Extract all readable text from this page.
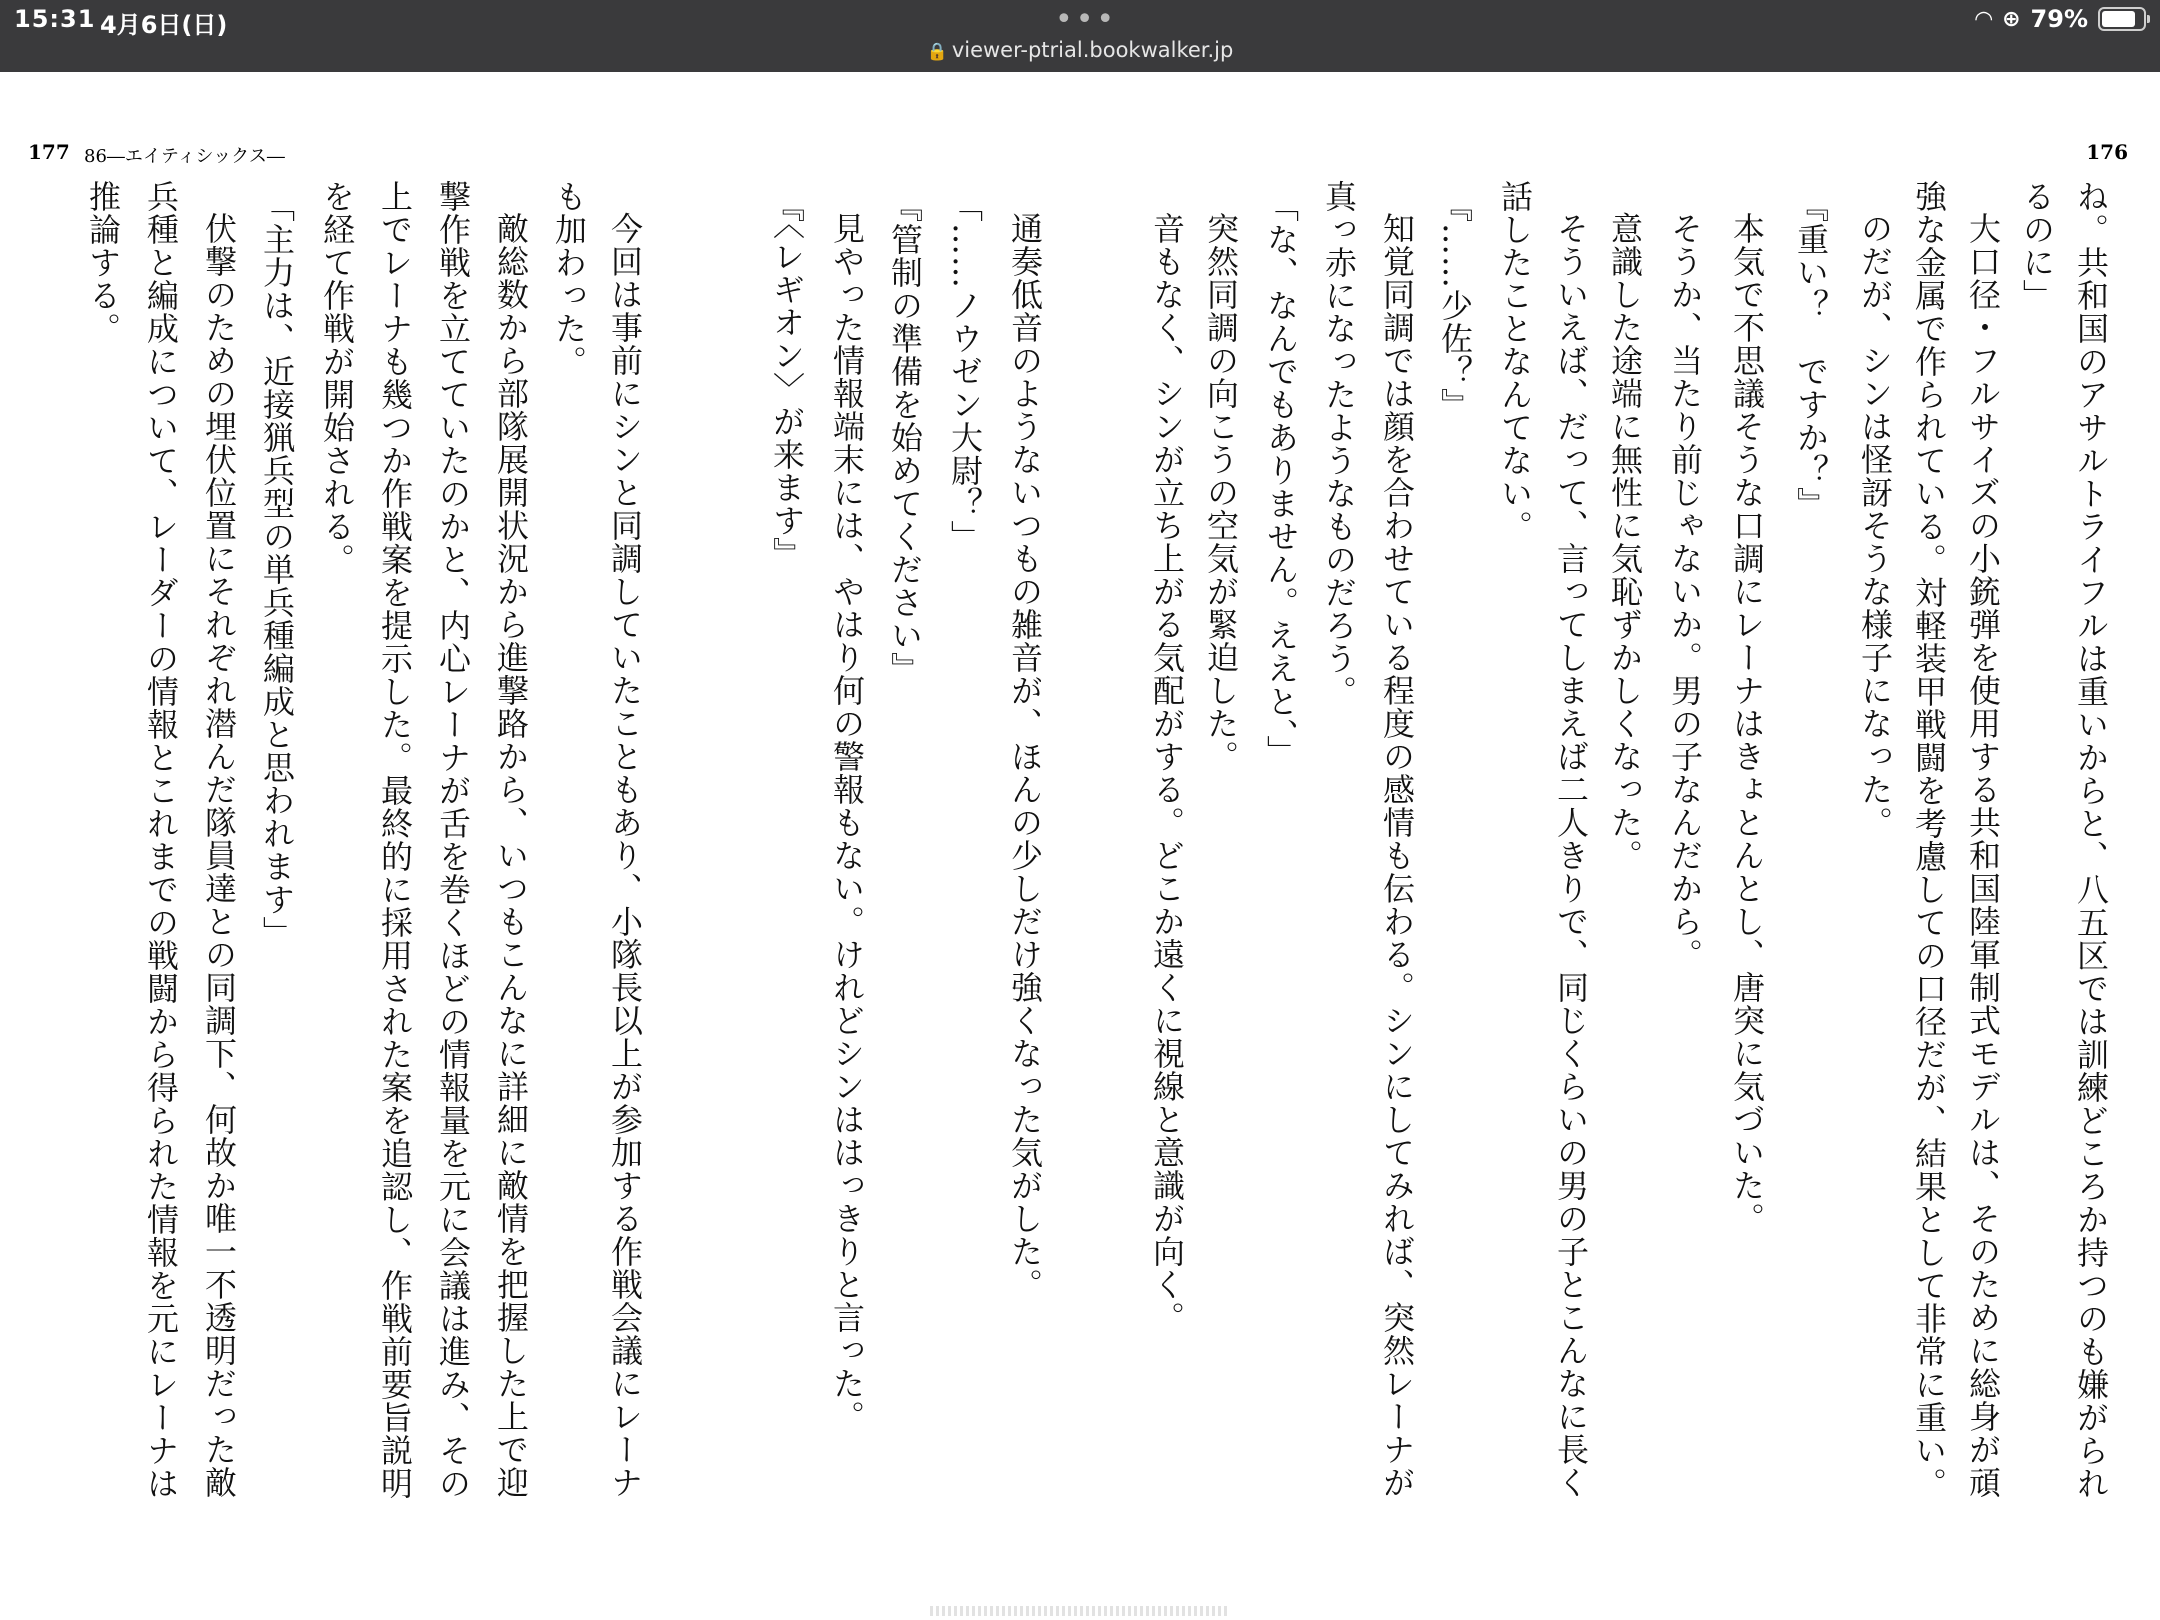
15:31 4月6日(日)	•••
🔒 viewer-ptrial.bookwalker.jp
◠ ⊕ 79%
177 86―エイティシックス―	176
ね。共和国のアサルトライフルは重いからと、八五区では訓練どころか持つのも嫌がられ
るのに」
大口径・フルサイズの小銃弾を使用する共和国陸軍制式モデルは、そのために総身が頑
強な金属で作られている。対軽装甲戦闘を考慮しての口径だが、結果として非常に重い。
のだが、シンは怪訝そうな様子になった。
『重い？　ですか？』
本気で不思議そうな口調にレーナはきょとんとし、唐突に気づいた。
そうか、当たり前じゃないか。男の子なんだから。
意識した途端に無性に気恥ずかしくなった。
そういえば、だって、言ってしまえば二人きりで、同じくらいの男の子とこんなに長く
話したことなんてない。
『……少佐？』
知覚同調では顔を合わせている程度の感情も伝わる。シンにしてみれば、突然レーナが
真っ赤になったようなものだろう。
「な、なんでもありません。ええと、」
突然同調の向こうの空気が緊迫した。
音もなく、シンが立ち上がる気配がする。どこか遠くに視線と意識が向く。
通奏低音のようないつもの雑音が、ほんの少しだけ強くなった気がした。
「……ノウゼン大尉？」
『管制の準備を始めてください』
見やった情報端末には、やはり何の警報もない。けれどシンははっきりと言った。
『〈レギオン〉が来ます』
今回は事前にシンと同調していたこともあり、小隊長以上が参加する作戦会議にレーナ
も加わった。
敵総数から部隊展開状況から進撃路から、いつもこんなに詳細に敵情を把握した上で迎
撃作戦を立てていたのかと、内心レーナが舌を巻くほどの情報量を元に会議は進み、その
上でレーナも幾つか作戦案を提示した。最終的に採用された案を追認し、作戦前要旨説明
を経て作戦が開始される。
「主力は、近接猟兵型の単兵種編成と思われます」
伏撃のための埋伏位置にそれぞれ潜んだ隊員達との同調下、何故か唯一不透明だった敵
兵種と編成について、レーダーの情報とこれまでの戦闘から得られた情報を元にレーナは
推論する。
